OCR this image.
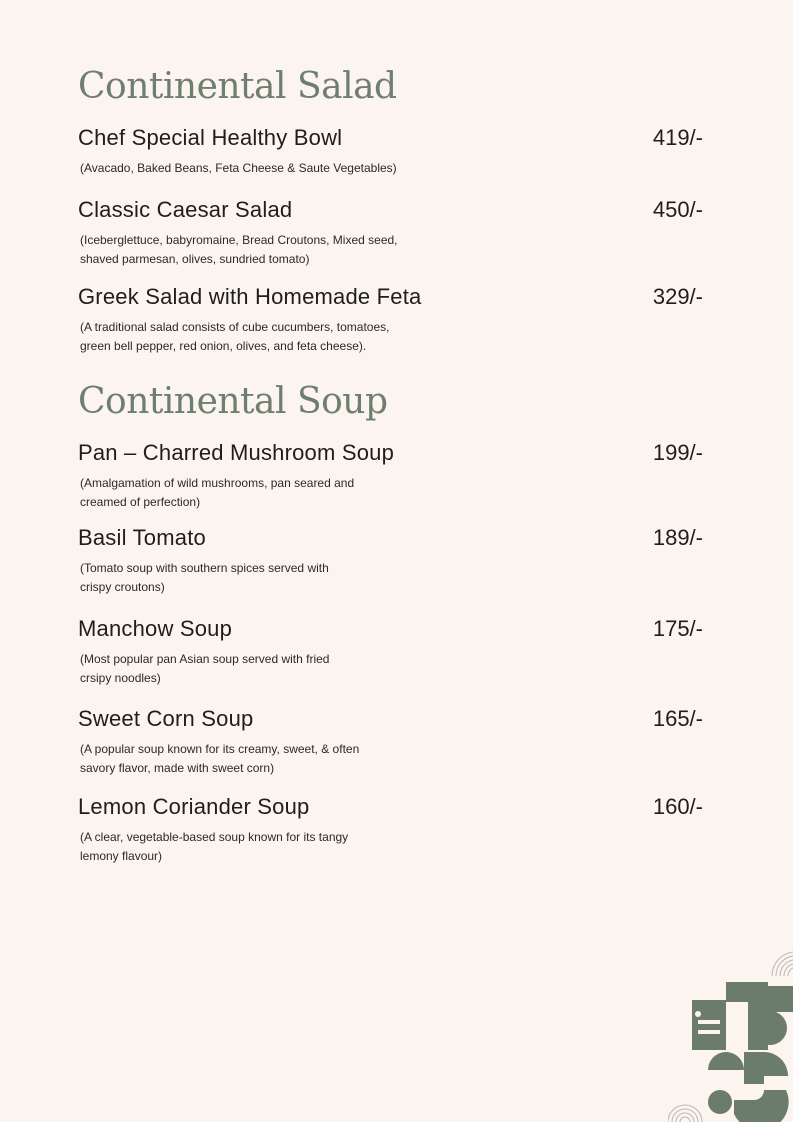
Continental Salad
Chef Special Healthy Bowl	419/-
(Avacado, Baked Beans, Feta Cheese & Saute Vegetables)
Classic Caesar Salad	450/-
(Iceberglettuce, babyromaine, Bread Croutons, Mixed seed, shaved parmesan, olives, sundried tomato)
Greek Salad with Homemade Feta	329/-
(A traditional salad consists of cube cucumbers, tomatoes, green bell pepper, red onion, olives, and feta cheese).
Continental Soup
Pan – Charred Mushroom Soup	199/-
(Amalgamation of wild mushrooms, pan seared and creamed of perfection)
Basil Tomato	189/-
(Tomato soup with southern spices served with crispy croutons)
Manchow Soup	175/-
(Most popular pan Asian soup served with fried crsipy noodles)
Sweet Corn Soup	165/-
(A popular soup known for its creamy, sweet, & often savory flavor, made with sweet corn)
Lemon Coriander Soup	160/-
(A clear, vegetable-based soup known for its tangy lemony flavour)
